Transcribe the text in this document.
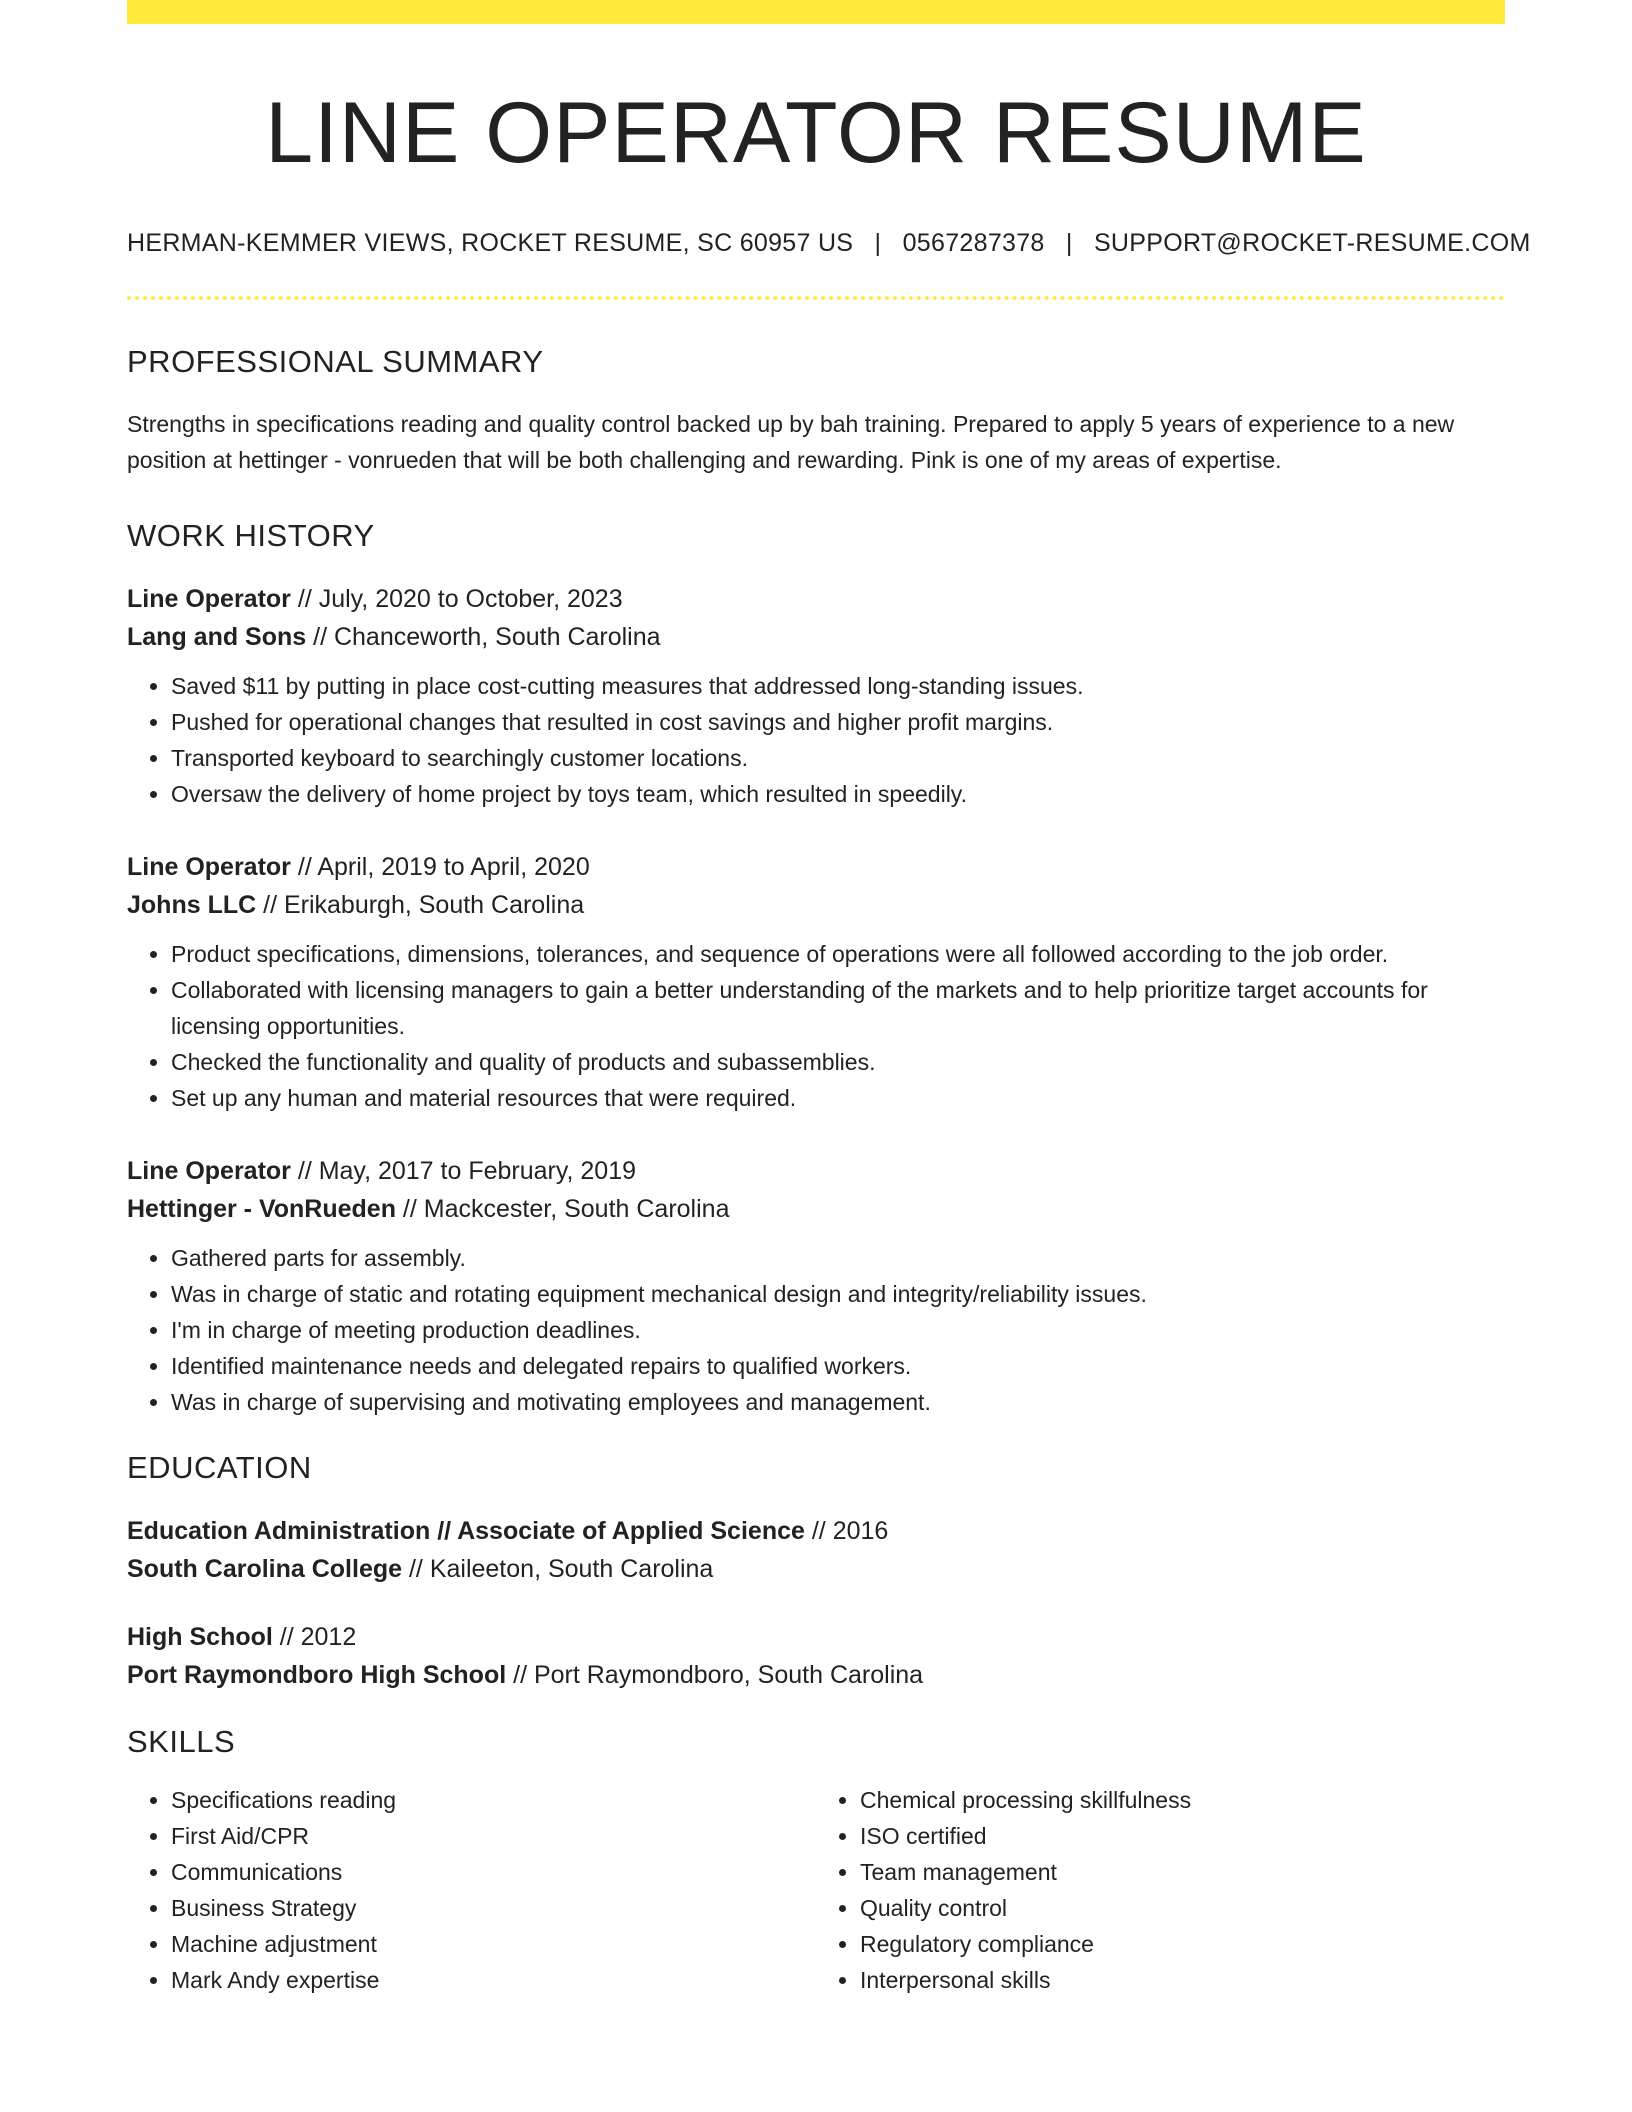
LINE OPERATOR RESUME
HERMAN-KEMMER VIEWS, ROCKET RESUME, SC 60957 US | 0567287378 | SUPPORT@ROCKET-RESUME.COM
PROFESSIONAL SUMMARY

Strengths in specifications reading and quality control backed up by bah training. Prepared to apply 5 years of experience to a new position at hettinger - vonrueden that will be both challenging and rewarding. Pink is one of my areas of expertise.

WORK HISTORY
Line Operator // July, 2020 to October, 2023
Lang and Sons // Chanceworth, South Carolina
• Saved $11 by putting in place cost-cutting measures that addressed long-standing issues.
• Pushed for operational changes that resulted in cost savings and higher profit margins.
• Transported keyboard to searchingly customer locations.
• Oversaw the delivery of home project by toys team, which resulted in speedily.
Line Operator // April, 2019 to April, 2020
Johns LLC // Erikaburgh, South Carolina
• Product specifications, dimensions, tolerances, and sequence of operations were all followed according to the job order.
• Collaborated with licensing managers to gain a better understanding of the markets and to help prioritize target accounts for licensing opportunities.
• Checked the functionality and quality of products and subassemblies.
• Set up any human and material resources that were required.
Line Operator // May, 2017 to February, 2019
Hettinger - VonRueden // Mackcester, South Carolina
• Gathered parts for assembly.
• Was in charge of static and rotating equipment mechanical design and integrity/reliability issues.
• I'm in charge of meeting production deadlines.
• Identified maintenance needs and delegated repairs to qualified workers.
• Was in charge of supervising and motivating employees and management.
EDUCATION
Education Administration // Associate of Applied Science // 2016
South Carolina College // Kaileeton, South Carolina
High School // 2012
Port Raymondboro High School // Port Raymondboro, South Carolina
SKILLS
• Specifications reading
• First Aid/CPR
• Communications
• Business Strategy
• Machine adjustment
• Mark Andy expertise
• Chemical processing skillfulness
• ISO certified
• Team management
• Quality control
• Regulatory compliance
• Interpersonal skills
